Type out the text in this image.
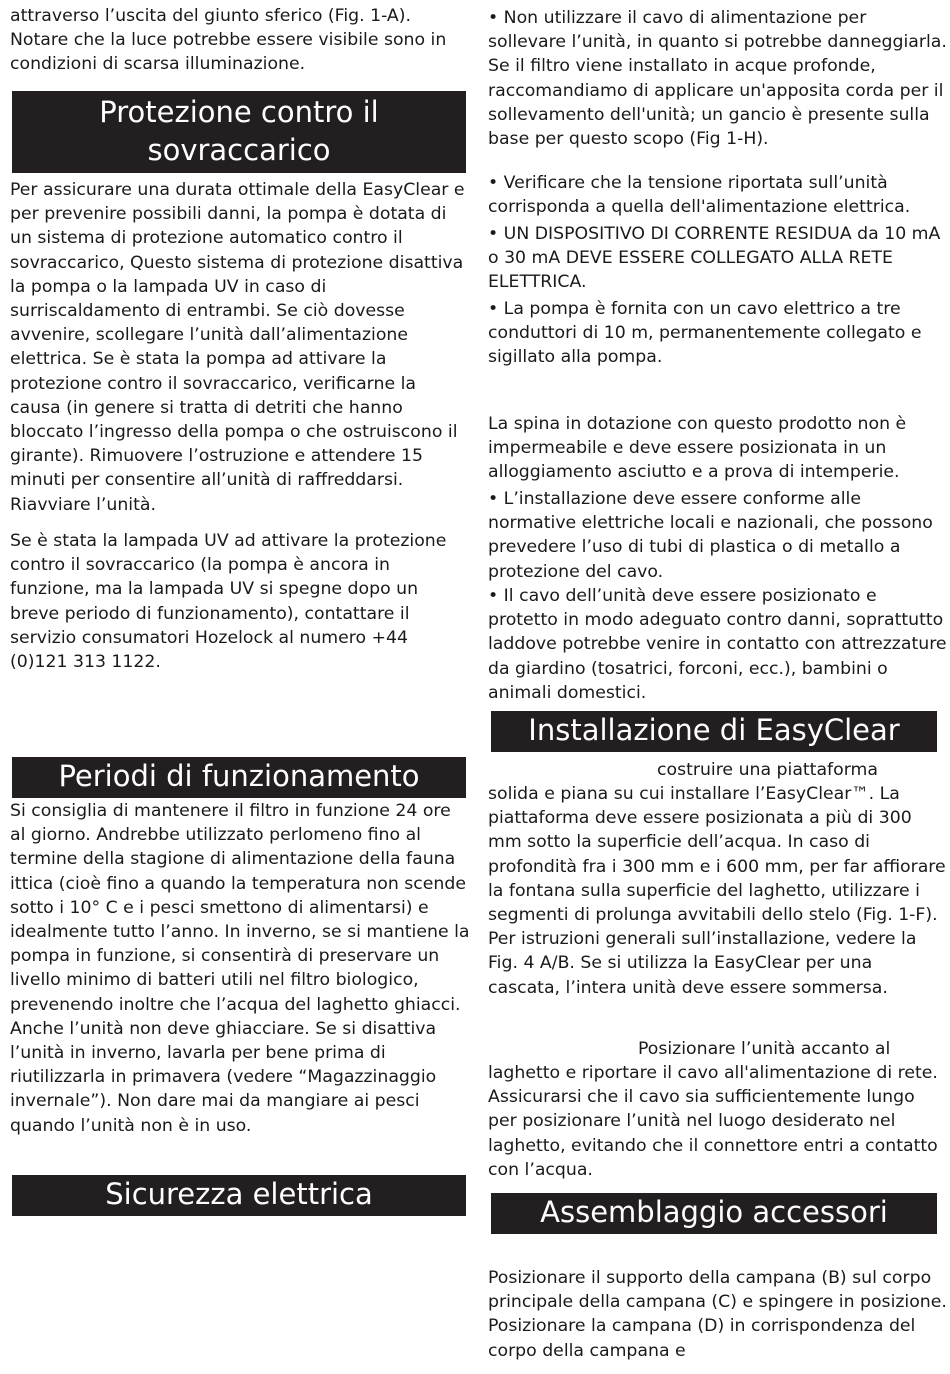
attraverso l’uscita del giunto sferico (Fig. 1-A). Notare che la luce potrebbe essere visibile sono in condizioni di scarsa illuminazione.

Protezione contro il
sovraccarico

Per assicurare una durata ottimale della EasyClear e per prevenire possibili danni, la pompa è dotata di un sistema di protezione automatico contro il sovraccarico, Questo sistema di protezione disattiva la pompa o la lampada UV in caso di surriscaldamento di entrambi. Se ciò dovesse avvenire, scollegare l’unità dall’alimentazione elettrica. Se è stata la pompa ad attivare la protezione contro il sovraccarico, verificarne la causa (in genere si tratta di detriti che hanno bloccato l’ingresso della pompa o che ostruiscono il girante). Rimuovere l’ostruzione e attendere 15 minuti per consentire all’unità di raffreddarsi. Riavviare l’unità.

Se è stata la lampada UV ad attivare la protezione contro il sovraccarico (la pompa è ancora in funzione, ma la lampada UV si spegne dopo un breve periodo di funzionamento), contattare il servizio consumatori Hozelock al numero +44 (0)121 313 1122.

Periodi di funzionamento

Si consiglia di mantenere il filtro in funzione 24 ore al giorno. Andrebbe utilizzato perlomeno fino al termine della stagione di alimentazione della fauna ittica (cioè fino a quando la temperatura non scende sotto i 10° C e i pesci smettono di alimentarsi) e idealmente tutto l’anno. In inverno, se si mantiene la pompa in funzione, si consentirà di preservare un livello minimo di batteri utili nel filtro biologico, prevenendo inoltre che l’acqua del laghetto ghiacci. Anche l’unità non deve ghiacciare. Se si disattiva l’unità in inverno, lavarla per bene prima di riutilizzarla in primavera (vedere “Magazzinaggio invernale”). Non dare mai da mangiare ai pesci quando l’unità non è in uso.

Sicurezza elettrica

• Non utilizzare il cavo di alimentazione per sollevare l’unità, in quanto si potrebbe danneggiarla. Se il filtro viene installato in acque profonde, raccomandiamo di applicare un'apposita corda per il sollevamento dell'unità; un gancio è presente sulla base per questo scopo (Fig 1-H).

• Verificare che la tensione riportata sull’unità corrisponda a quella dell'alimentazione elettrica.

• UN DISPOSITIVO DI CORRENTE RESIDUA da 10 mA o 30 mA DEVE ESSERE COLLEGATO ALLA RETE ELETTRICA.

• La pompa è fornita con un cavo elettrico a tre conduttori di 10 m, permanentemente collegato e sigillato alla pompa.

La spina in dotazione con questo prodotto non è impermeabile e deve essere posizionata in un alloggiamento asciutto e a prova di intemperie.

• L’installazione deve essere conforme alle normative elettriche locali e nazionali, che possono prevedere l’uso di tubi di plastica o di metallo a protezione del cavo.

• Il cavo dell’unità deve essere posizionato e protetto in modo adeguato contro danni, soprattutto laddove potrebbe venire in contatto con attrezzature da giardino (tosatrici, forconi, ecc.), bambini o animali domestici.

Installazione di EasyClear

costruire una piattaforma

solida e piana su cui installare l’EasyClear™. La piattaforma deve essere posizionata a più di 300 mm sotto la superficie dell’acqua. In caso di profondità fra i 300 mm e i 600 mm, per far affiorare la fontana sulla superficie del laghetto, utilizzare i segmenti di prolunga avvitabili dello stelo (Fig. 1-F). Per istruzioni generali sull’installazione, vedere la Fig. 4 A/B. Se si utilizza la EasyClear per una cascata, l’intera unità deve essere sommersa.

Posizionare l’unità accanto al

laghetto e riportare il cavo all'alimentazione di rete. Assicurarsi che il cavo sia sufficientemente lungo per posizionare l’unità nel luogo desiderato nel laghetto, evitando che il connettore entri a contatto con l’acqua.

Assemblaggio accessori

Posizionare il supporto della campana (B) sul corpo principale della campana (C) e spingere in posizione. Posizionare la campana (D) in corrispondenza del corpo della campana e
